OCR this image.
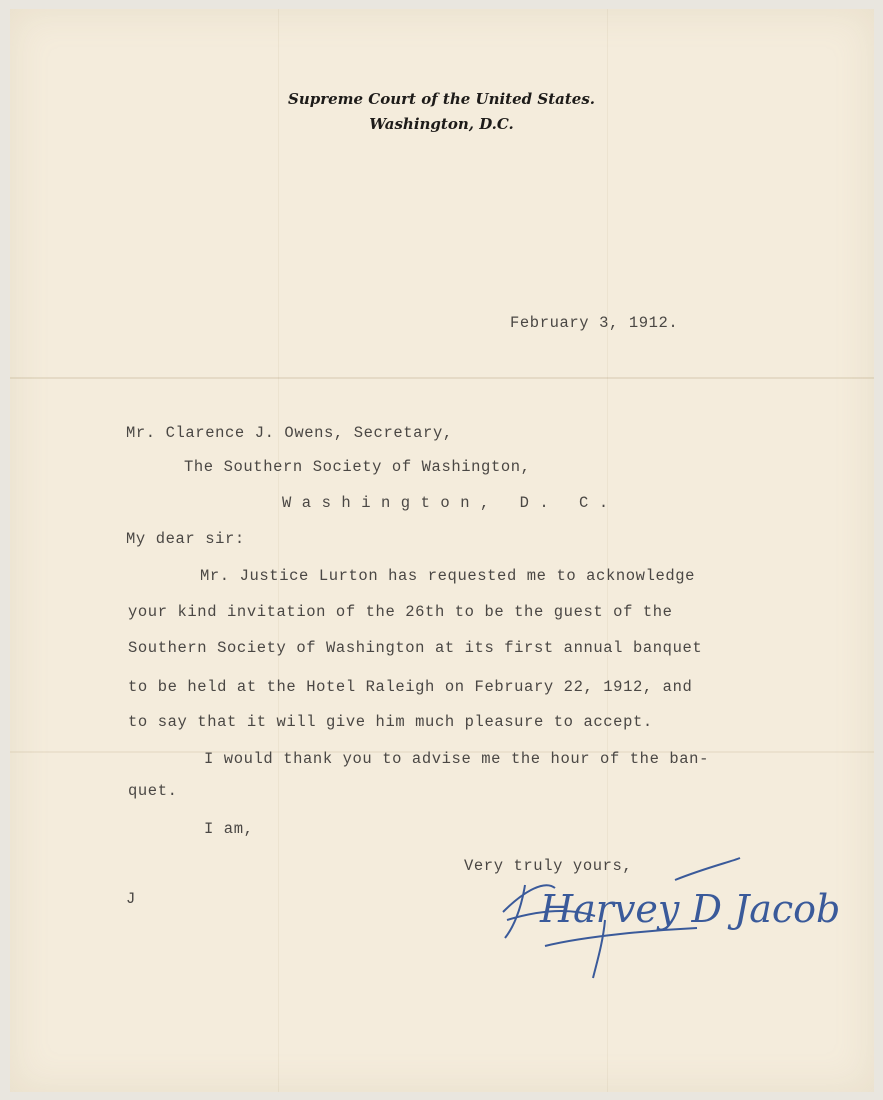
Supreme Court of the United States.
Washington, D.C.
February 3, 1912.
Mr. Clarence J. Owens, Secretary,
The Southern Society of Washington,
Washington, D. C.
My dear sir:
Mr. Justice Lurton has requested me to acknowledge
your kind invitation of the 26th to be the guest of the
Southern Society of Washington at its first annual banquet
to be held at the Hotel Raleigh on February 22, 1912, and
to say that it will give him much pleasure to accept.
I would thank you to advise me the hour of the ban-
quet.
I am,
Very truly yours,
J	Harvey D Jacob
